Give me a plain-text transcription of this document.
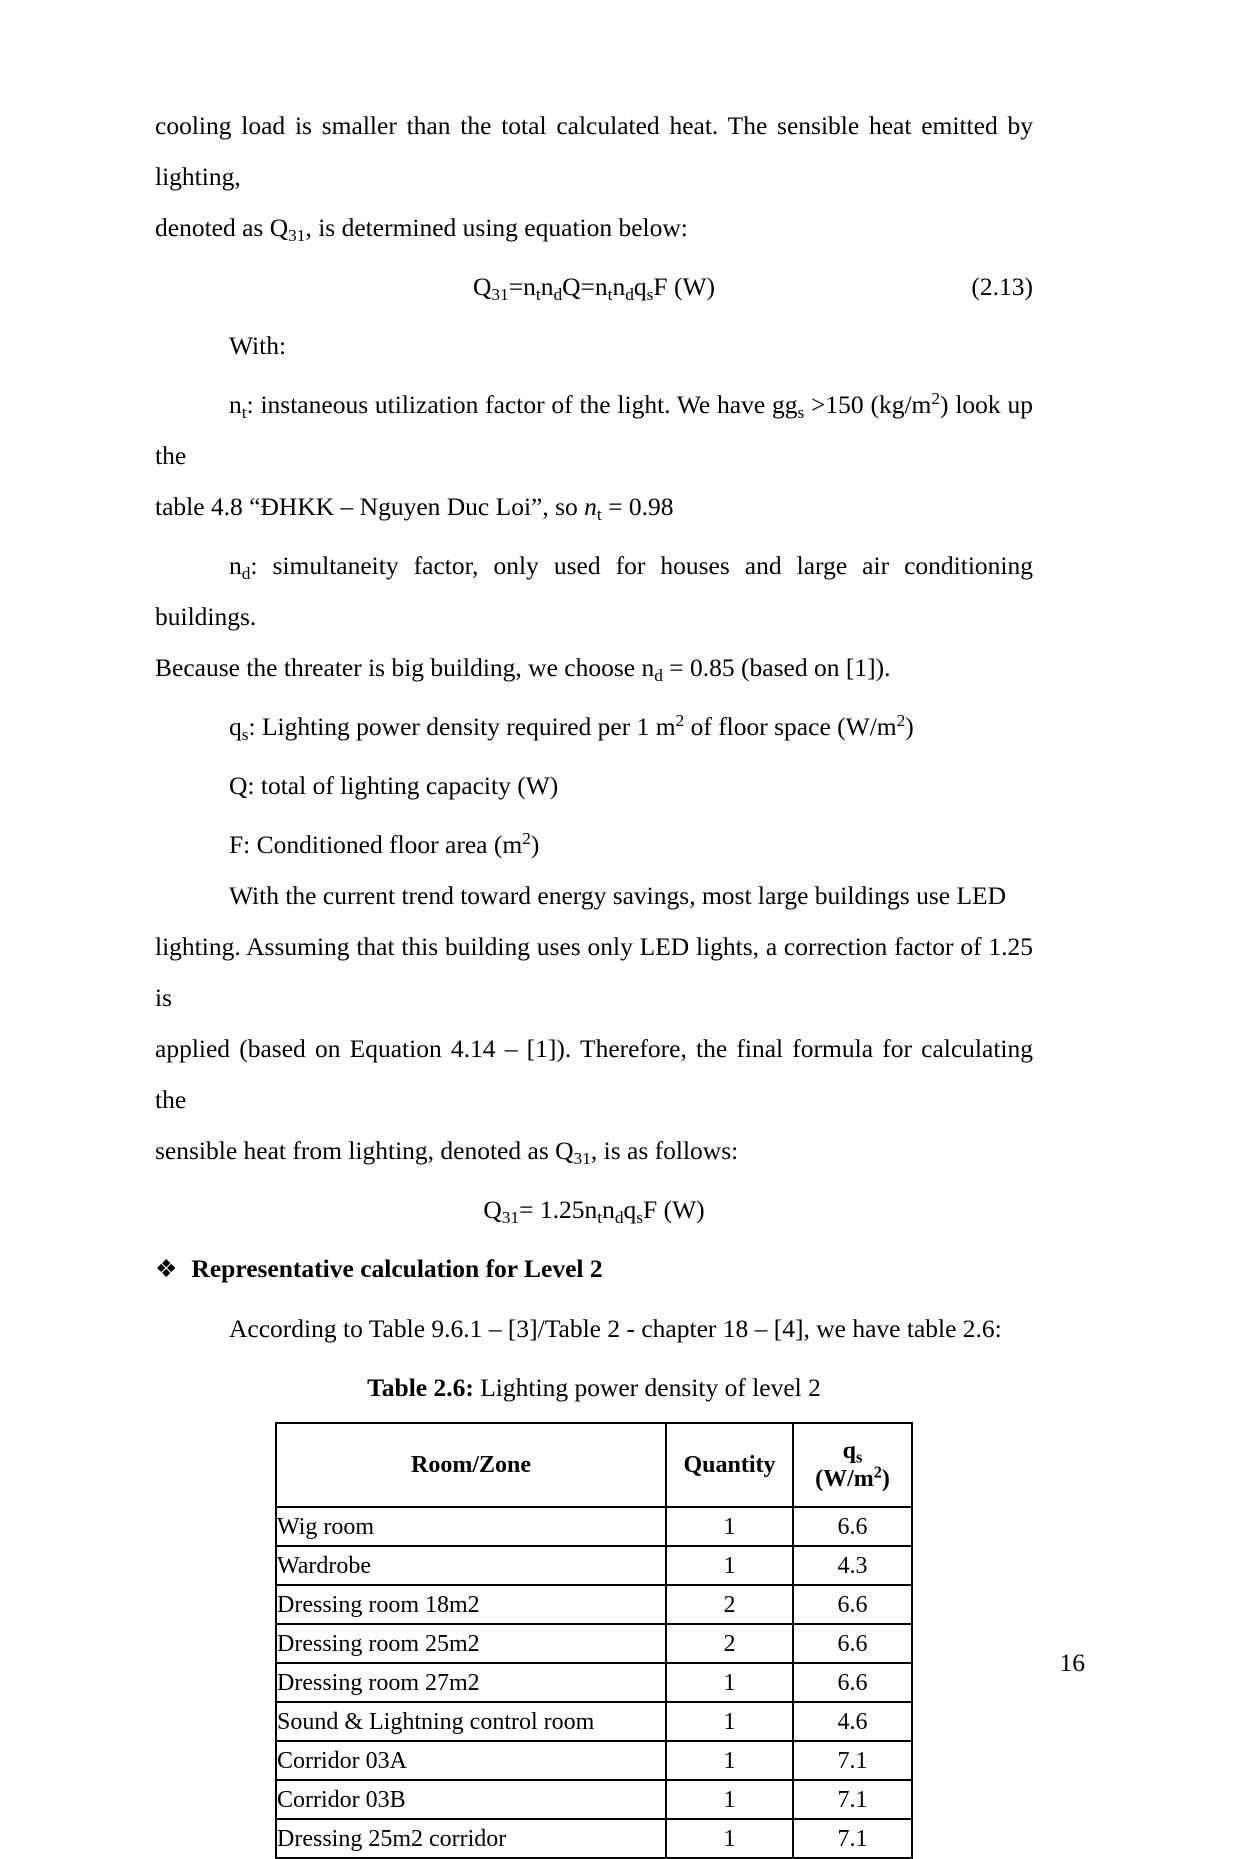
cooling load is smaller than the total calculated heat. The sensible heat emitted by lighting,
denoted as $Q_{31}$, is determined using equation below:

$Q_{31}=n_tn_dQ=n_tn_dq_sF$ (W)	(2.13)

With:

$n_t$: instaneous utilization factor of the light. We have $gg_s >150$ $(kg/m^2)$ look up the
table 4.8 “ĐHKK – Nguyen Duc Loi”, so $n_t = 0.98$

$n_d$: simultaneity factor, only used for houses and large air conditioning buildings.
Because the threater is big building, we choose $n_d = 0.85$ (based on [1]).

$q_s$: Lighting power density required per 1 $m^2$ of floor space $(W/m^2)$

Q: total of lighting capacity (W)

F: Conditioned floor area $(m^2)$

With the current trend toward energy savings, most large buildings use LED
lighting. Assuming that this building uses only LED lights, a correction factor of 1.25 is
applied (based on Equation 4.14 – [1]). Therefore, the final formula for calculating the
sensible heat from lighting, denoted as $Q_{31}$, is as follows:

$Q_{31}= 1.25n_tn_dq_sF$ (W)

❖ Representative calculation for Level 2

According to Table 9.6.1 – [3]/Table 2 - chapter 18 – [4], we have table 2.6:

Table 2.6: Lighting power density of level 2

Room/Zone	Quantity	$q_s$
$(W/m^2)$

Wig room	1	6.6
Wardrobe	1	4.3
Dressing room 18m2	2	6.6
Dressing room 25m2	2	6.6
Dressing room 27m2	1	6.6
Sound & Lightning control room	1	4.6
Corridor 03A	1	7.1
Corridor 03B	1	7.1
Dressing 25m2 corridor	1	7.1
16
